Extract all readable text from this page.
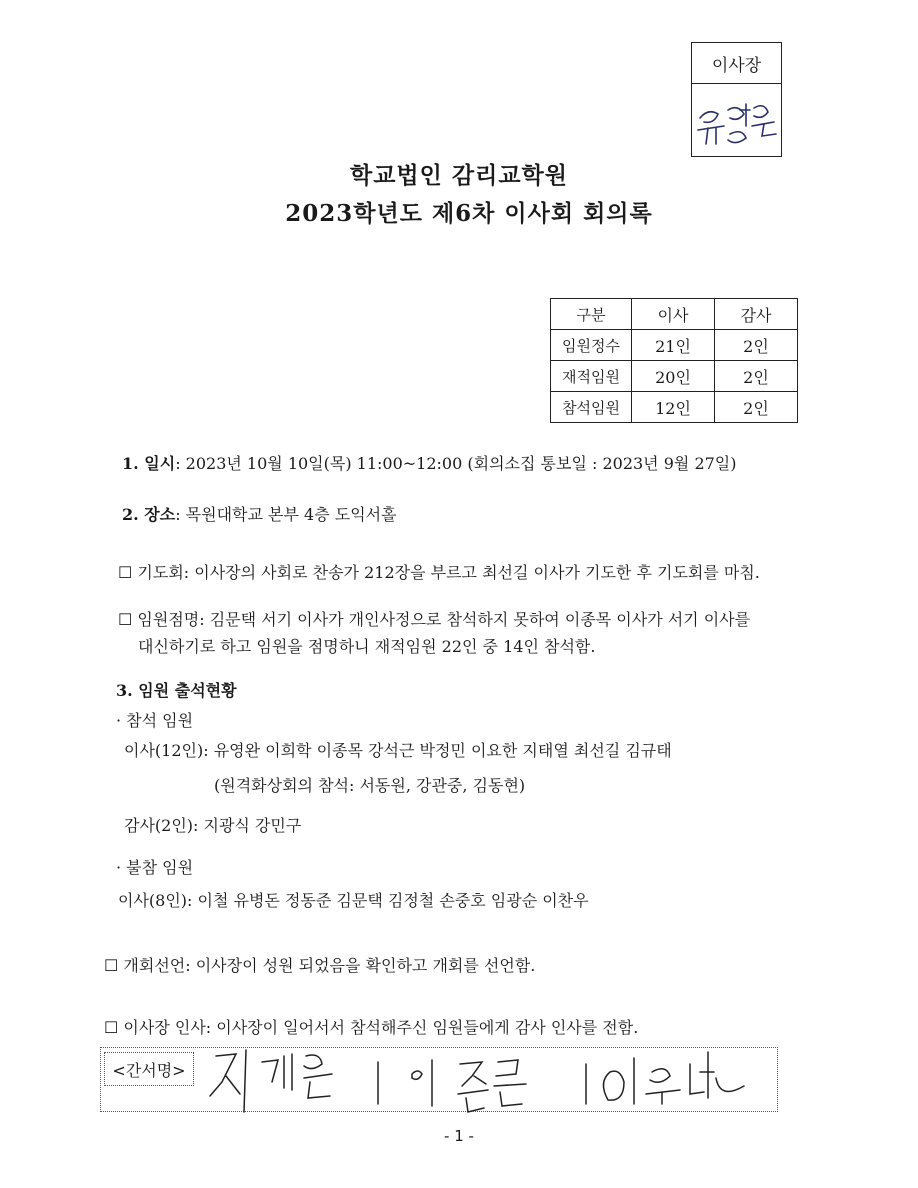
이사장
학교법인 감리교학원
2023학년도 제6차 이사회 회의록
구분	이사	감사
임원정수	21인	2인
재적임원	20인	2인
참석임원	12인	2인
1. 일시: 2023년 10월 10일(목) 11:00~12:00 (회의소집 통보일 : 2023년 9월 27일)
2. 장소: 목원대학교 본부 4층 도익서홀
☐ 기도회: 이사장의 사회로 찬송가 212장을 부르고 최선길 이사가 기도한 후 기도회를 마침.
☐ 임원점명: 김문택 서기 이사가 개인사정으로 참석하지 못하여 이종목 이사가 서기 이사를
대신하기로 하고 임원을 점명하니 재적임원 22인 중 14인 참석함.
3. 임원 출석현황
· 참석 임원
이사(12인): 유영완 이희학 이종목 강석근 박정민 이요한 지태열 최선길 김규태
(원격화상회의 참석: 서동원, 강관중, 김동현)
감사(2인): 지광식 강민구
· 불참 임원
이사(8인): 이철 유병돈 정동준 김문택 김정철 손중호 임광순 이찬우
☐ 개회선언: 이사장이 성원 되었음을 확인하고 개회를 선언함.
☐ 이사장 인사: 이사장이 일어서서 참석해주신 임원들에게 감사 인사를 전함.
<간서명>
- 1 -
